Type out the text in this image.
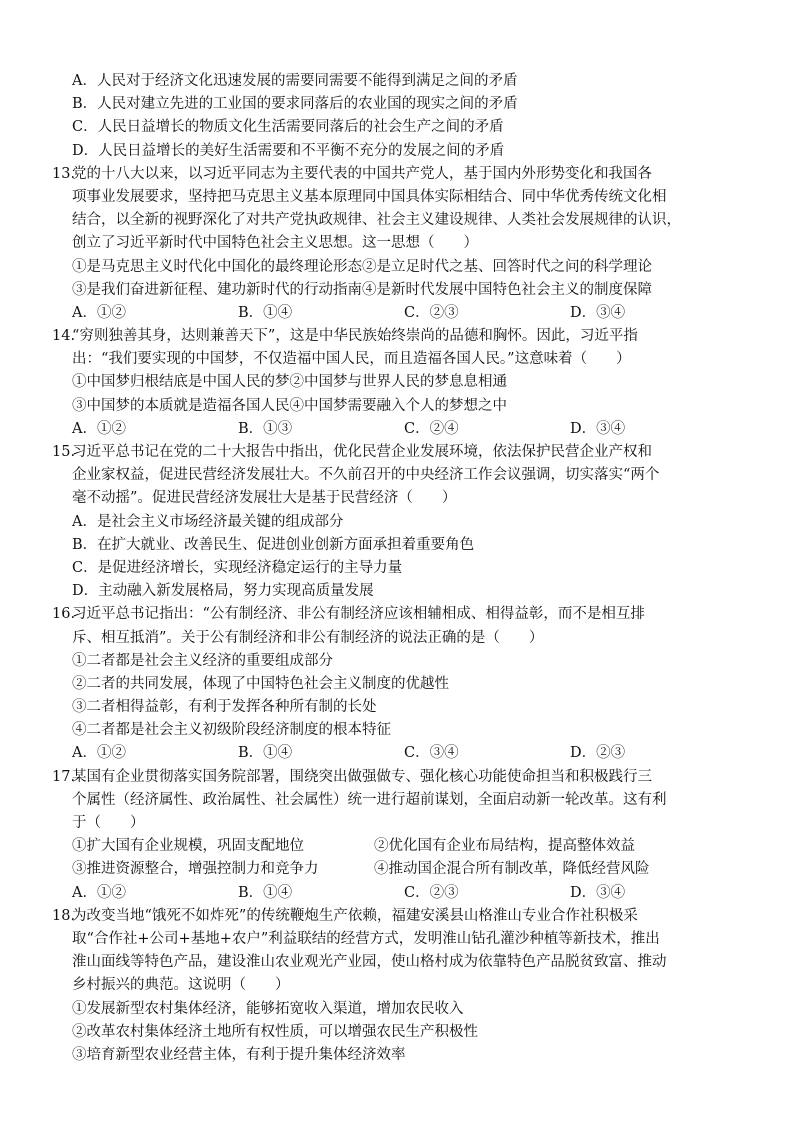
A．人民对于经济文化迅速发展的需要同需要不能得到满足之间的矛盾
B．人民对建立先进的工业国的要求同落后的农业国的现实之间的矛盾
C．人民日益增长的物质文化生活需要同落后的社会生产之间的矛盾
D．人民日益增长的美好生活需要和不平衡不充分的发展之间的矛盾
13.
党的十八大以来，以习近平同志为主要代表的中国共产党人，基于国内外形势变化和我国各
项事业发展要求，坚持把马克思主义基本原理同中国具体实际相结合、同中华优秀传统文化相
结合，以全新的视野深化了对共产党执政规律、社会主义建设规律、人类社会发展规律的认识，
创立了习近平新时代中国特色社会主义思想。这一思想（　　）
①是马克思主义时代化中国化的最终理论形态②是立足时代之基、回答时代之问的科学理论
③是我们奋进新征程、建功新时代的行动指南④是新时代发展中国特色社会主义的制度保障
A．①②	B．①④	C．②③	D．③④
14.
“穷则独善其身，达则兼善天下”，这是中华民族始终崇尚的品德和胸怀。因此，习近平指
出：“我们要实现的中国梦，不仅造福中国人民，而且造福各国人民。”这意味着（　　）
①中国梦归根结底是中国人民的梦②中国梦与世界人民的梦息息相通
③中国梦的本质就是造福各国人民④中国梦需要融入个人的梦想之中
A．①②	B．①③	C．②④	D．③④
15.
习近平总书记在党的二十大报告中指出，优化民营企业发展环境，依法保护民营企业产权和
企业家权益，促进民营经济发展壮大。不久前召开的中央经济工作会议强调，切实落实“两个
毫不动摇”。促进民营经济发展壮大是基于民营经济（　　）
A．是社会主义市场经济最关键的组成部分
B．在扩大就业、改善民生、促进创业创新方面承担着重要角色
C．是促进经济增长，实现经济稳定运行的主导力量
D．主动融入新发展格局，努力实现高质量发展
16.
习近平总书记指出：“公有制经济、非公有制经济应该相辅相成、相得益彰，而不是相互排
斥、相互抵消”。关于公有制经济和非公有制经济的说法正确的是（　　）
①二者都是社会主义经济的重要组成部分
②二者的共同发展，体现了中国特色社会主义制度的优越性
③二者相得益彰，有利于发挥各种所有制的长处
④二者都是社会主义初级阶段经济制度的根本特征
A．①②	B．①④	C．③④	D．②③
17.
某国有企业贯彻落实国务院部署，围绕突出做强做专、强化核心功能使命担当和积极践行三
个属性（经济属性、政治属性、社会属性）统一进行超前谋划，全面启动新一轮改革。这有利
于（　　）
①扩大国有企业规模，巩固支配地位	②优化国有企业布局结构，提高整体效益
③推进资源整合，增强控制力和竞争力	④推动国企混合所有制改革，降低经营风险
A．①②	B．①④	C．②③	D．③④
18.
为改变当地“饿死不如炸死”的传统鞭炮生产依赖，福建安溪县山格淮山专业合作社积极采
取“合作社+公司+基地+农户”利益联结的经营方式，发明淮山钻孔灌沙种植等新技术，推出
淮山面线等特色产品，建设淮山农业观光产业园，使山格村成为依靠特色产品脱贫致富、推动
乡村振兴的典范。这说明（　　）
①发展新型农村集体经济，能够拓宽收入渠道，增加农民收入
②改革农村集体经济土地所有权性质，可以增强农民生产积极性
③培育新型农业经营主体，有利于提升集体经济效率
